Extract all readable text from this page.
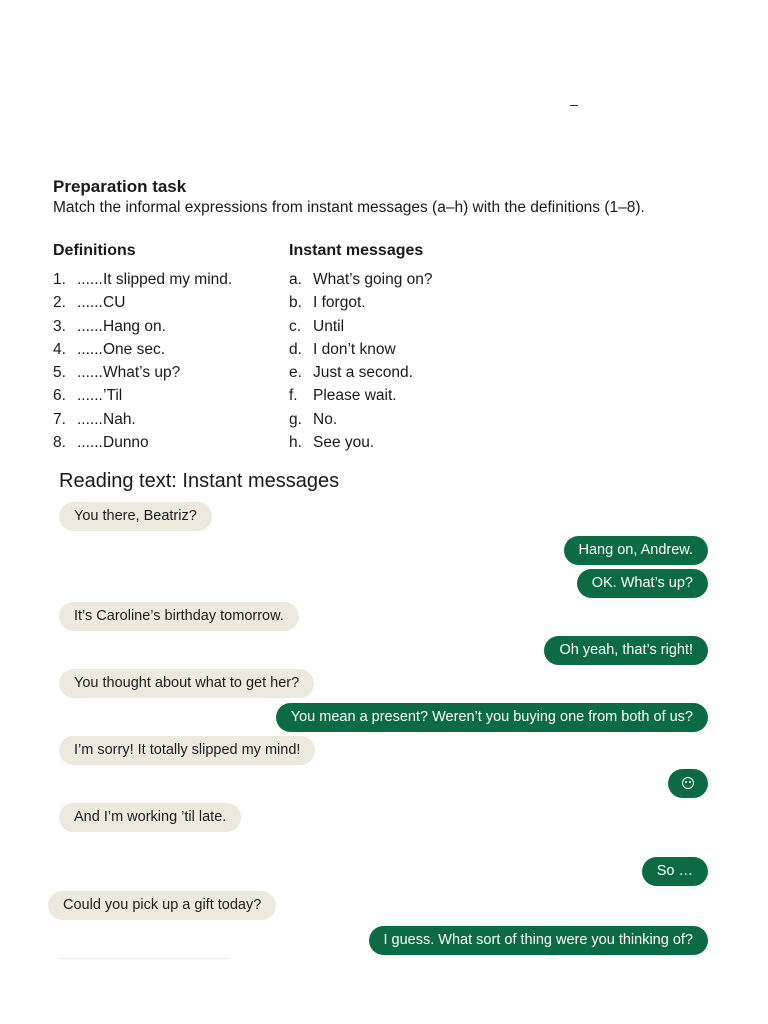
–
Preparation task
Match the informal expressions from instant messages (a–h) with the definitions (1–8).
Definitions
1. ......It slipped my mind.
2. ......CU
3. ......Hang on.
4. ......One sec.
5. ......What’s up?
6. ......’Til
7. ......Nah.
8. ......Dunno
Instant messages
a. What’s going on?
b. I forgot.
c. Until
d. I don’t know
e. Just a second.
f. Please wait.
g. No.
h. See you.
Reading text: Instant messages
You there, Beatriz?
Hang on, Andrew.
OK. What’s up?
It’s Caroline’s birthday tomorrow.
Oh yeah, that’s right!
You thought about what to get her?
You mean a present? Weren’t you buying one from both of us?
I’m sorry! It totally slipped my mind!
And I’m working ’til late.
So …
Could you pick up a gift today?
I guess. What sort of thing were you thinking of?
